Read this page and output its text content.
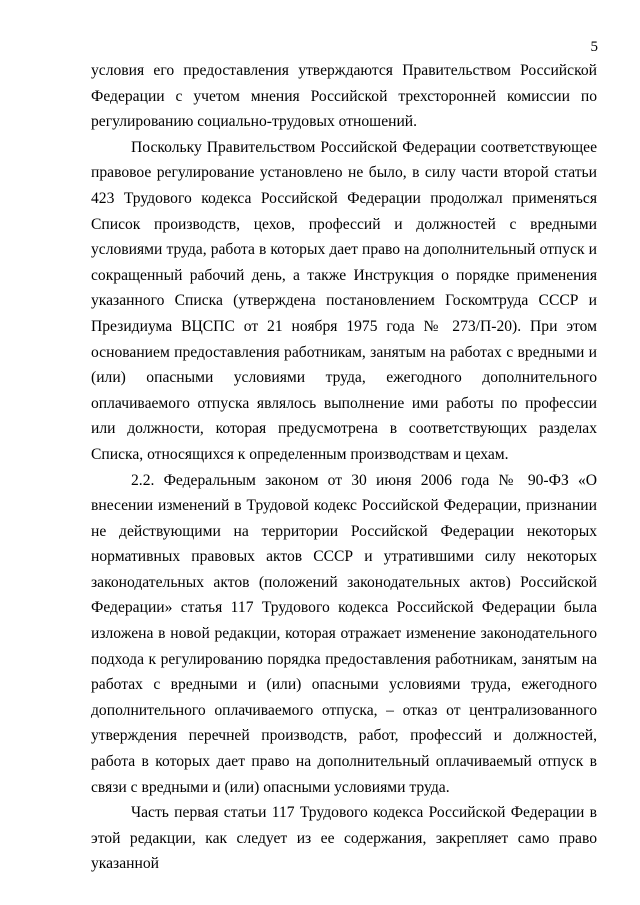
5

условия его предоставления утверждаются Правительством Российской Федерации с учетом мнения Российской трехсторонней комиссии по регулированию социально-трудовых отношений.

Поскольку Правительством Российской Федерации соответствующее правовое регулирование установлено не было, в силу части второй статьи 423 Трудового кодекса Российской Федерации продолжал применяться Список производств, цехов, профессий и должностей с вредными условиями труда, работа в которых дает право на дополнительный отпуск и сокращенный рабочий день, а также Инструкция о порядке применения указанного Списка (утверждена постановлением Госкомтруда СССР и Президиума ВЦСПС от 21 ноября 1975 года № 273/П-20). При этом основанием предоставления работникам, занятым на работах с вредными и (или) опасными условиями труда, ежегодного дополнительного оплачиваемого отпуска являлось выполнение ими работы по профессии или должности, которая предусмотрена в соответствующих разделах Списка, относящихся к определенным производствам и цехам.

2.2. Федеральным законом от 30 июня 2006 года № 90-ФЗ «О внесении изменений в Трудовой кодекс Российской Федерации, признании не действующими на территории Российской Федерации некоторых нормативных правовых актов СССР и утратившими силу некоторых законодательных актов (положений законодательных актов) Российской Федерации» статья 117 Трудового кодекса Российской Федерации была изложена в новой редакции, которая отражает изменение законодательного подхода к регулированию порядка предоставления работникам, занятым на работах с вредными и (или) опасными условиями труда, ежегодного дополнительного оплачиваемого отпуска, – отказ от централизованного утверждения перечней производств, работ, профессий и должностей, работа в которых дает право на дополнительный оплачиваемый отпуск в связи с вредными и (или) опасными условиями труда.

Часть первая статьи 117 Трудового кодекса Российской Федерации в этой редакции, как следует из ее содержания, закрепляет само право указанной
